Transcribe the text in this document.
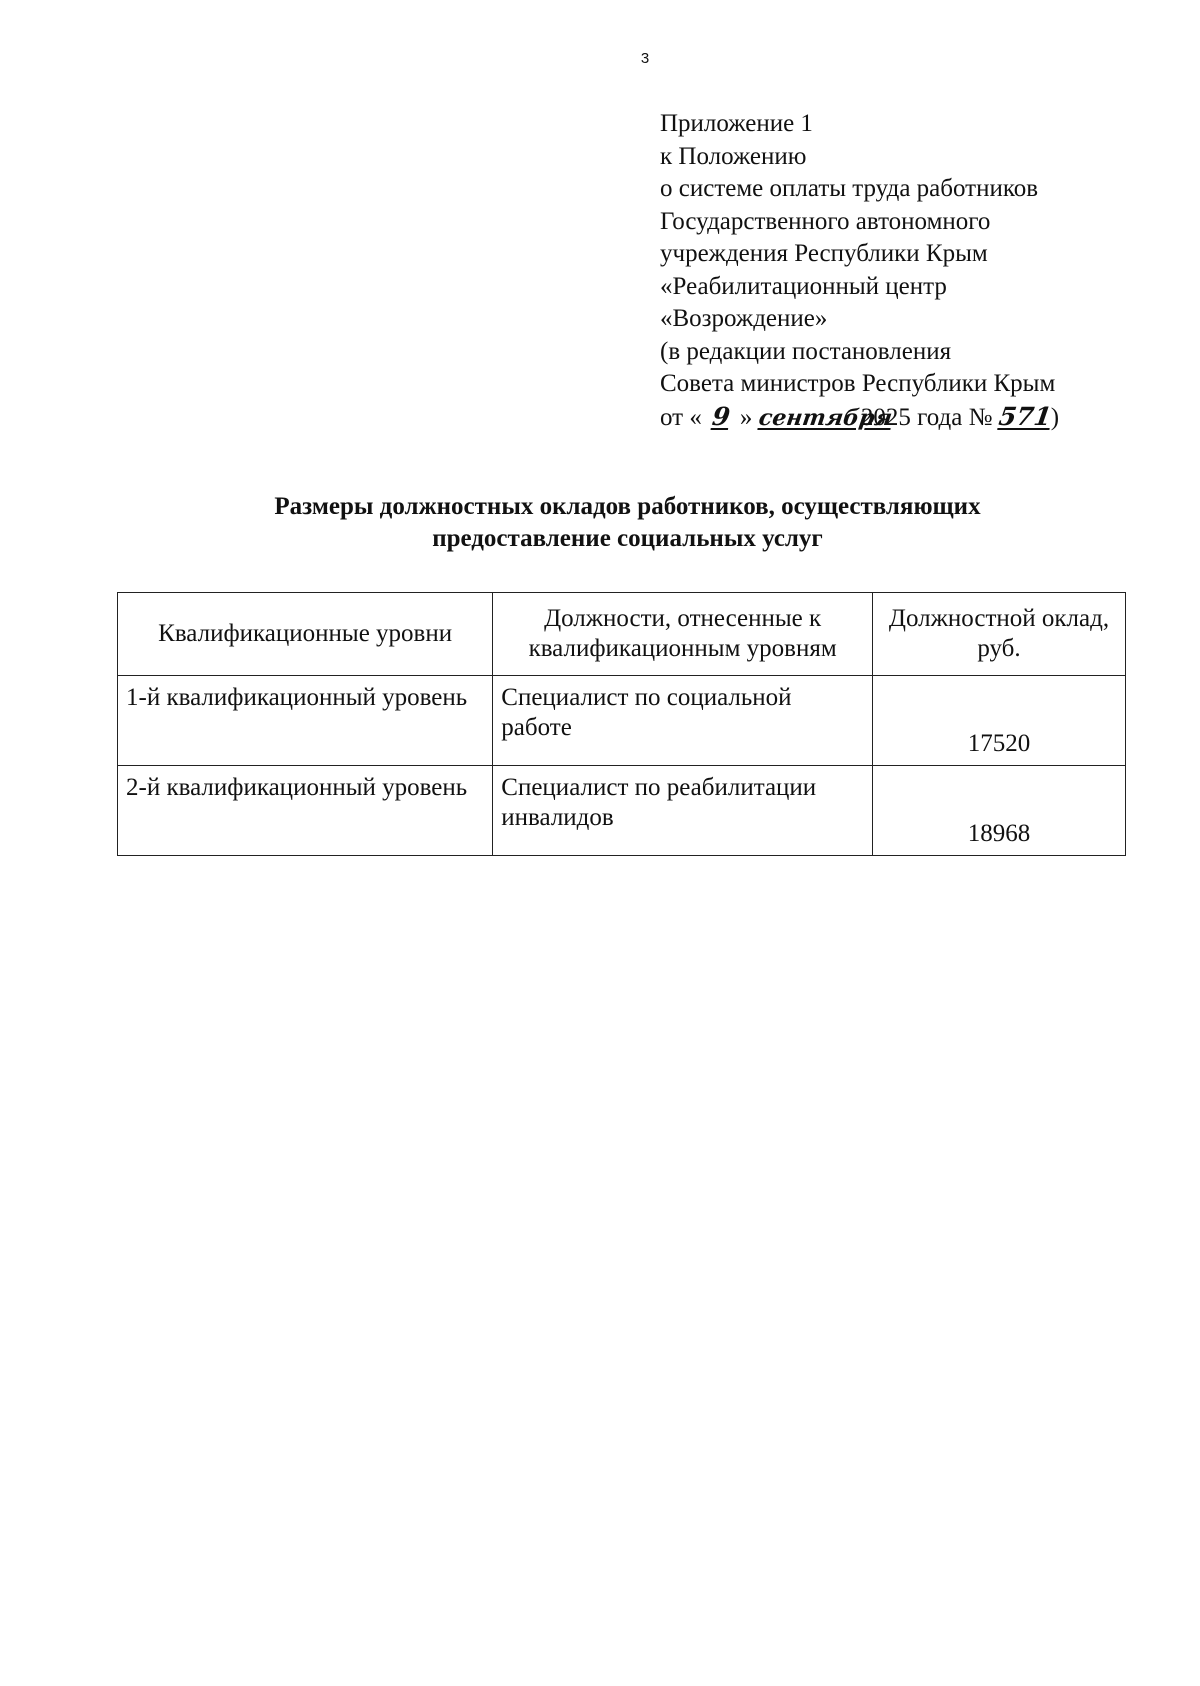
3
Приложение 1
к Положению
о системе оплаты труда работников
Государственного автономного
учреждения Республики Крым
«Реабилитационный центр
«Возрождение»
(в редакции постановления
Совета министров Республики Крым
от « 9 » сентября 2025 года № 571)
Размеры должностных окладов работников, осуществляющих
предоставление социальных услуг
Квалификационные уровни	Должности, отнесенные к квалификационным уровням	Должностной оклад, руб.
1-й квалификационный уровень	Специалист по социальной работе	17520
2-й квалификационный уровень	Специалист по реабилитации инвалидов	18968
